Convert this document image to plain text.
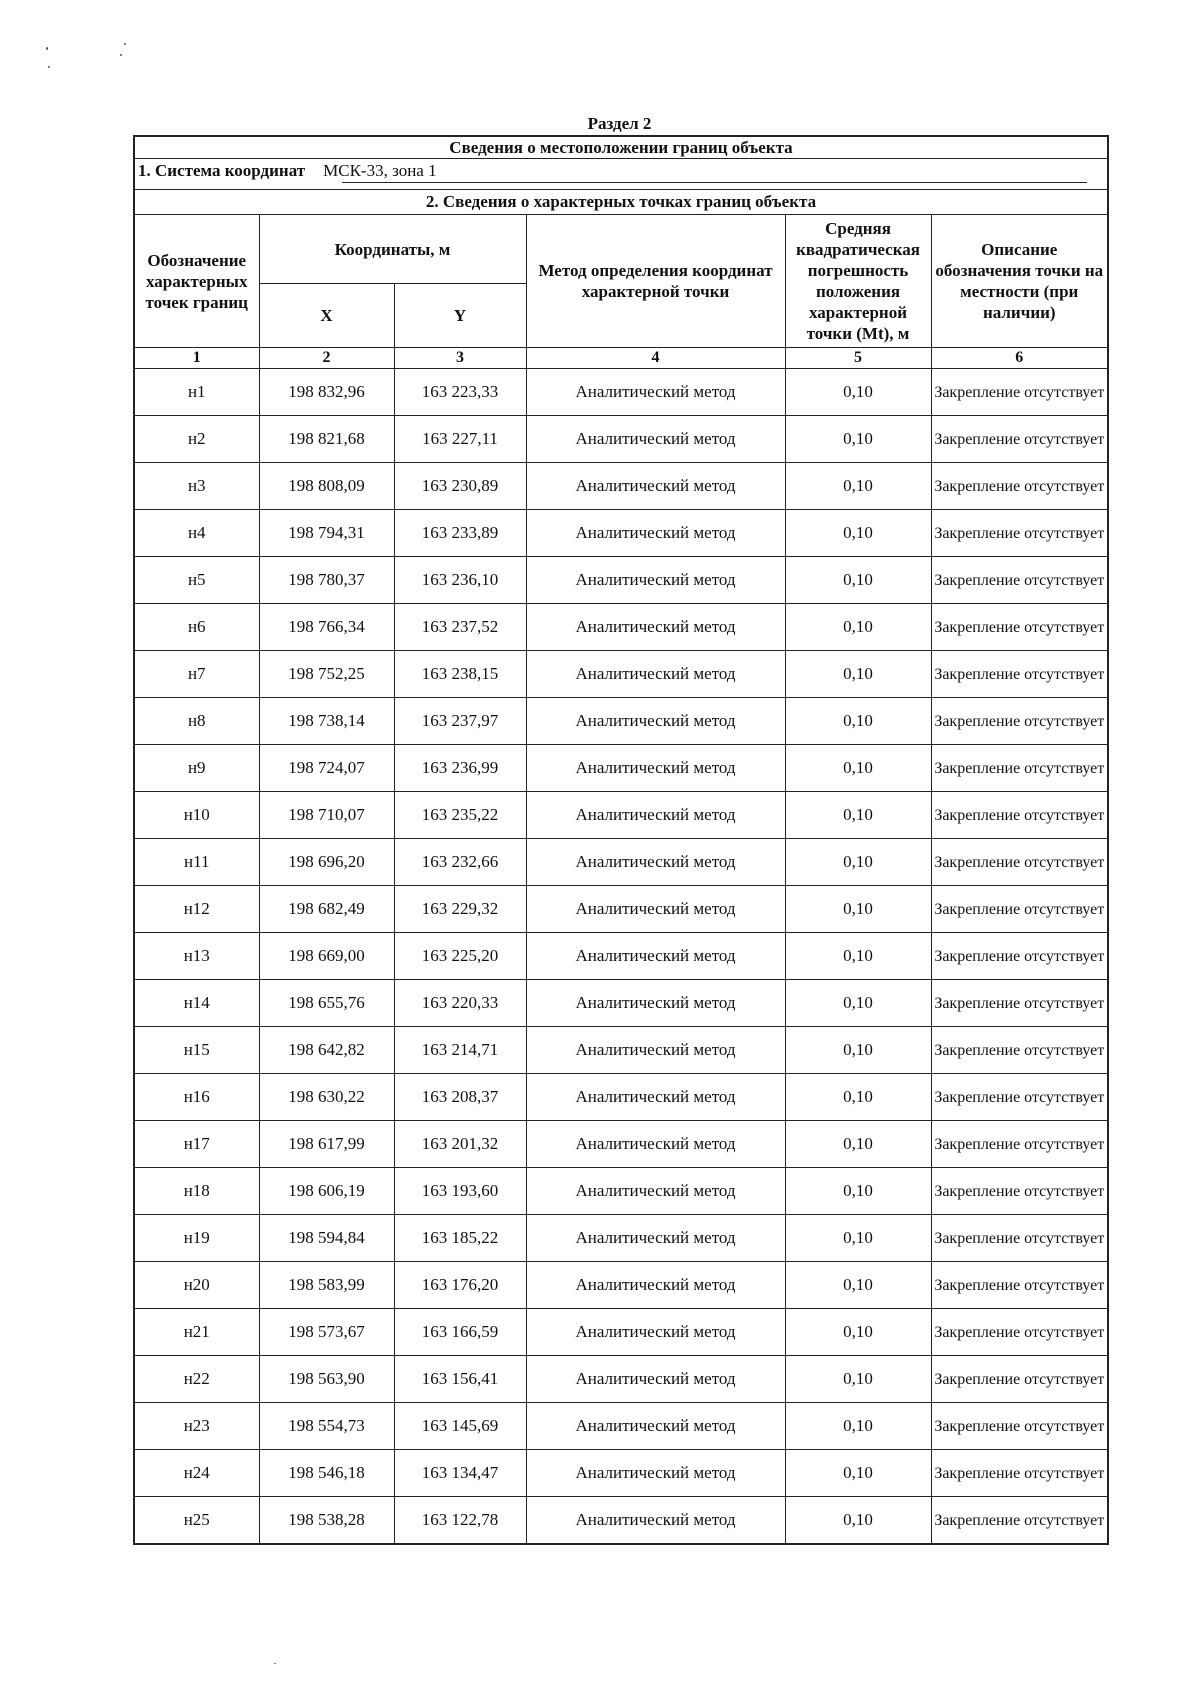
Раздел 2
Сведения о местоположении границ объекта
1. Система координат МСК-33, зона 1
2. Сведения о характерных точках границ объекта
Обозначение характерных точек границ	Координаты, м		Метод определения координат характерной точки	Средняя квадратическая погрешность положения характерной точки (Mt), м	Описание обозначения точки на местности (при наличии)
	X	Y			
1	2	3	4	5	6
н1	198 832,96	163 223,33	Аналитический метод	0,10	Закрепление отсутствует
н2	198 821,68	163 227,11	Аналитический метод	0,10	Закрепление отсутствует
н3	198 808,09	163 230,89	Аналитический метод	0,10	Закрепление отсутствует
н4	198 794,31	163 233,89	Аналитический метод	0,10	Закрепление отсутствует
н5	198 780,37	163 236,10	Аналитический метод	0,10	Закрепление отсутствует
н6	198 766,34	163 237,52	Аналитический метод	0,10	Закрепление отсутствует
н7	198 752,25	163 238,15	Аналитический метод	0,10	Закрепление отсутствует
н8	198 738,14	163 237,97	Аналитический метод	0,10	Закрепление отсутствует
н9	198 724,07	163 236,99	Аналитический метод	0,10	Закрепление отсутствует
н10	198 710,07	163 235,22	Аналитический метод	0,10	Закрепление отсутствует
н11	198 696,20	163 232,66	Аналитический метод	0,10	Закрепление отсутствует
н12	198 682,49	163 229,32	Аналитический метод	0,10	Закрепление отсутствует
н13	198 669,00	163 225,20	Аналитический метод	0,10	Закрепление отсутствует
н14	198 655,76	163 220,33	Аналитический метод	0,10	Закрепление отсутствует
н15	198 642,82	163 214,71	Аналитический метод	0,10	Закрепление отсутствует
н16	198 630,22	163 208,37	Аналитический метод	0,10	Закрепление отсутствует
н17	198 617,99	163 201,32	Аналитический метод	0,10	Закрепление отсутствует
н18	198 606,19	163 193,60	Аналитический метод	0,10	Закрепление отсутствует
н19	198 594,84	163 185,22	Аналитический метод	0,10	Закрепление отсутствует
н20	198 583,99	163 176,20	Аналитический метод	0,10	Закрепление отсутствует
н21	198 573,67	163 166,59	Аналитический метод	0,10	Закрепление отсутствует
н22	198 563,90	163 156,41	Аналитический метод	0,10	Закрепление отсутствует
н23	198 554,73	163 145,69	Аналитический метод	0,10	Закрепление отсутствует
н24	198 546,18	163 134,47	Аналитический метод	0,10	Закрепление отсутствует
н25	198 538,28	163 122,78	Аналитический метод	0,10	Закрепление отсутствует
